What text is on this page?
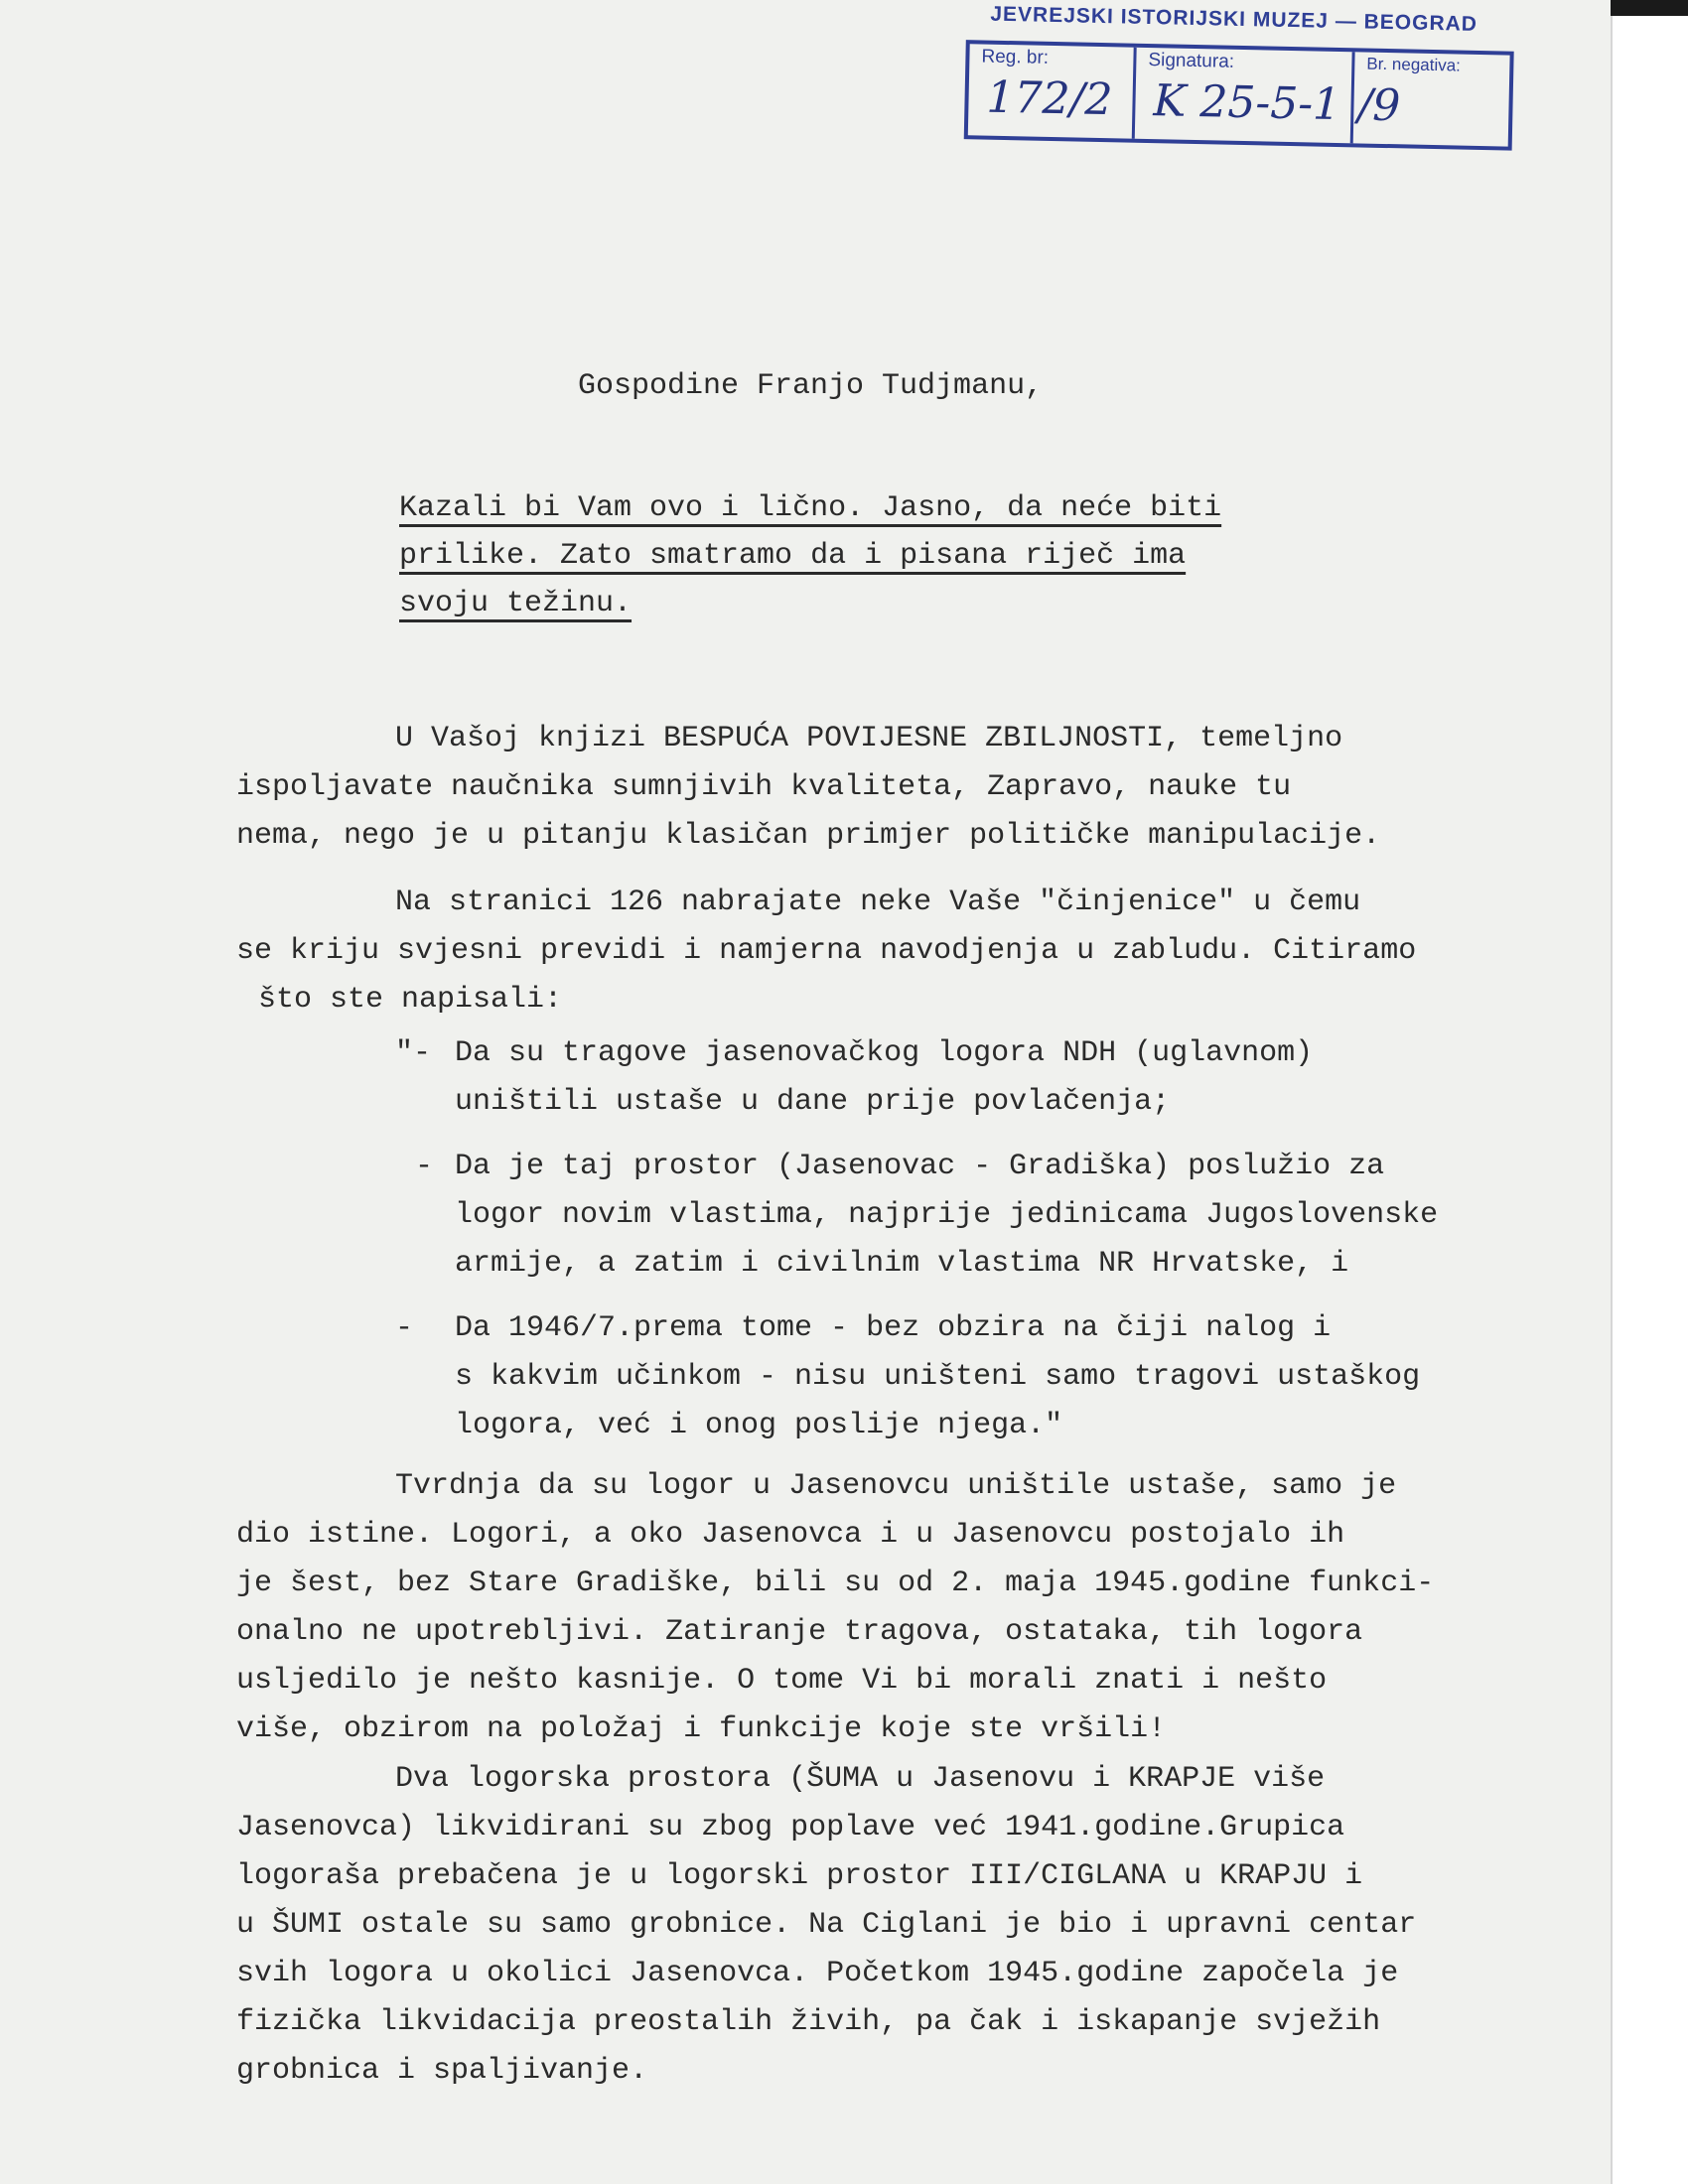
JEVREJSKI ISTORIJSKI MUZEJ — BEOGRAD
Reg. br:
172/2
Signatura:
K 25-5-1
Br. negativa:
/9
Gospodine Franjo Tudjmanu,
Kazali bi Vam ovo i lično. Jasno, da neće biti
prilike. Zato smatramo da i pisana riječ ima
svoju težinu.
U Vašoj knjizi BESPUĆA POVIJESNE ZBILJNOSTI, temeljno
ispoljavate naučnika sumnjivih kvaliteta, Zapravo, nauke tu
nema, nego je u pitanju klasičan primjer političke manipulacije.
Na stranici 126 nabrajate neke Vaše "činjenice" u čemu
se kriju svjesni previdi i namjerna navodjenja u zabludu. Citiramo
što ste napisali:
"- Da su tragove jasenovačkog logora NDH (uglavnom)
uništili ustaše u dane prije povlačenja;
- Da je taj prostor (Jasenovac - Gradiška) poslužio za
logor novim vlastima, najprije jedinicama Jugoslovenske
armije, a zatim i civilnim vlastima NR Hrvatske, i
-	Da 1946/7.prema tome - bez obzira na čiji nalog i
s kakvim učinkom - nisu uništeni samo tragovi ustaškog
logora, već i onog poslije njega."
Tvrdnja da su logor u Jasenovcu uništile ustaše, samo je
dio istine. Logori, a oko Jasenovca i u Jasenovcu postojalo ih
je šest, bez Stare Gradiške, bili su od 2. maja 1945.godine funkci-
onalno ne upotrebljivi. Zatiranje tragova, ostataka, tih logora
usljedilo je nešto kasnije. O tome Vi bi morali znati i nešto
više, obzirom na položaj i funkcije koje ste vršili!
Dva logorska prostora (ŠUMA u Jasenovu i KRAPJE više
Jasenovca) likvidirani su zbog poplave već 1941.godine.Grupica
logoraša prebačena je u logorski prostor III/CIGLANA u KRAPJU i
u ŠUMI ostale su samo grobnice. Na Ciglani je bio i upravni centar
svih logora u okolici Jasenovca. Početkom 1945.godine započela je
fizička likvidacija preostalih živih, pa čak i iskapanje svježih
grobnica i spaljivanje.
